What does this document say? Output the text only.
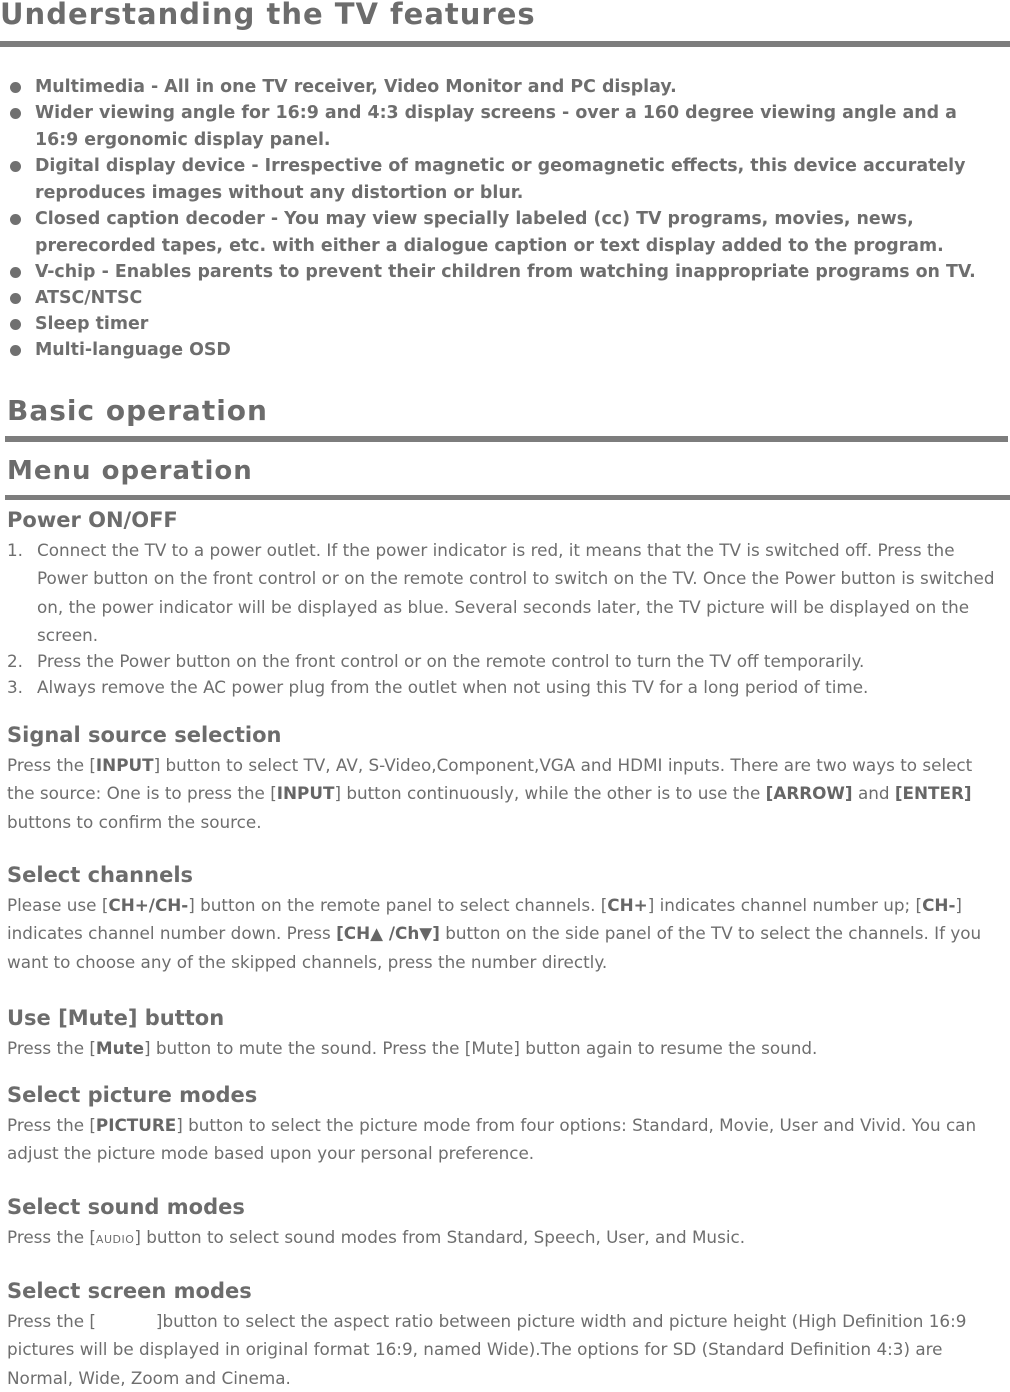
Understanding the TV features
Multimedia - All in one TV receiver, Video Monitor and PC display.
Wider viewing angle for 16:9 and 4:3 display screens - over a 160 degree viewing angle and a 16:9 ergonomic display panel.
Digital display device - Irrespective of magnetic or geomagnetic effects, this device accurately reproduces images without any distortion or blur.
Closed caption decoder - You may view specially labeled (cc) TV programs, movies, news, prerecorded tapes, etc. with either a dialogue caption or text display added to the program.
V-chip - Enables parents to prevent their children from watching inappropriate programs on TV.
ATSC/NTSC
Sleep timer
Multi-language OSD
Basic operation
Menu operation
Power ON/OFF
1. Connect the TV to a power outlet. If the power indicator is red, it means that the TV is switched off. Press the Power button on the front control or on the remote control to switch on the TV. Once the Power button is switched on, the power indicator will be displayed as blue. Several seconds later, the TV picture will be displayed on the screen.
2. Press the Power button on the front control or on the remote control to turn the TV off temporarily.
3. Always remove the AC power plug from the outlet when not using this TV for a long period of time.
Signal source selection

Press the [INPUT] button to select TV, AV, S-Video,Component,VGA and HDMI inputs. There are two ways to select the source: One is to press the [INPUT] button continuously, while the other is to use the [ARROW] and [ENTER] buttons to confirm the source.

Select channels

Please use [CH+/CH-] button on the remote panel to select channels. [CH+] indicates channel number up; [CH-] indicates channel number down. Press [CH▲ /Ch▼] button on the side panel of the TV to select the channels. If you want to choose any of the skipped channels, press the number directly.

Use [Mute] button

Press the [Mute] button to mute the sound. Press the [Mute] button again to resume the sound.

Select picture modes

Press the [PICTURE] button to select the picture mode from four options: Standard, Movie, User and Vivid. You can adjust the picture mode based upon your personal preference.

Select sound modes

Press the [AUDIO] button to select sound modes from Standard, Speech, User, and Music.

Select screen modes

Press the [	]button to select the aspect ratio between picture width and picture height (High Definition 16:9 pictures will be displayed in original format 16:9, named Wide).The options for SD (Standard Definition 4:3) are Normal, Wide, Zoom and Cinema.
